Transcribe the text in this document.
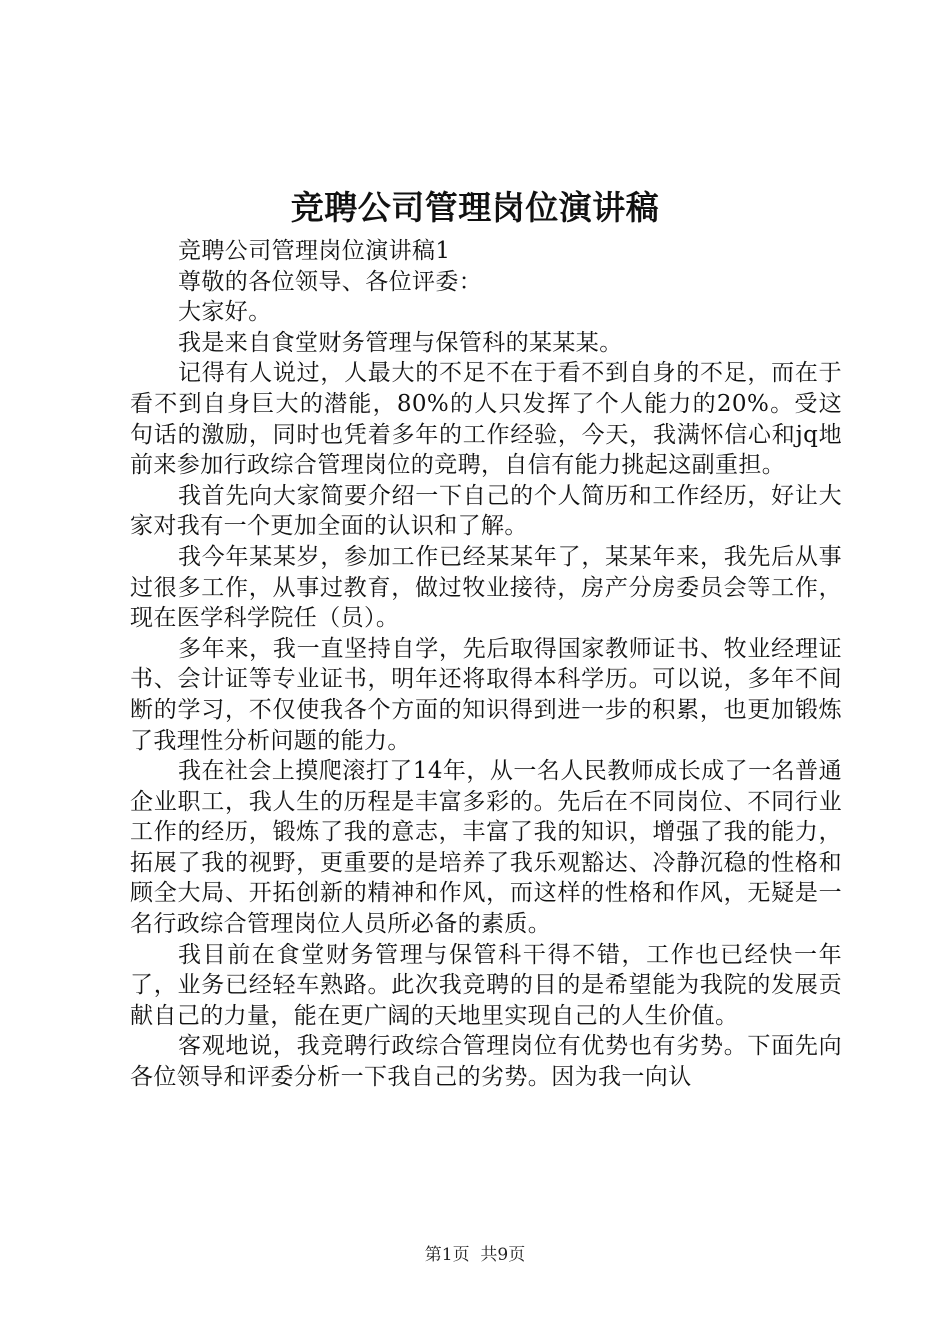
竞聘公司管理岗位演讲稿

竞聘公司管理岗位演讲稿1

尊敬的各位领导、各位评委：

大家好。

我是来自食堂财务管理与保管科的某某某。

记得有人说过，人最大的不足不在于看不到自身的不足，而在于看不到自身巨大的潜能，80%的人只发挥了个人能力的20%。受这句话的激励，同时也凭着多年的工作经验，今天，我满怀信心和jq地前来参加行政综合管理岗位的竞聘，自信有能力挑起这副重担。

我首先向大家简要介绍一下自己的个人简历和工作经历，好让大家对我有一个更加全面的认识和了解。

我今年某某岁，参加工作已经某某年了，某某年来，我先后从事过很多工作，从事过教育，做过牧业接待，房产分房委员会等工作，现在医学科学院任（员）。

多年来，我一直坚持自学，先后取得国家教师证书、牧业经理证书、会计证等专业证书，明年还将取得本科学历。可以说，多年不间断的学习，不仅使我各个方面的知识得到进一步的积累，也更加锻炼了我理性分析问题的能力。

我在社会上摸爬滚打了14年，从一名人民教师成长成了一名普通企业职工，我人生的历程是丰富多彩的。先后在不同岗位、不同行业工作的经历，锻炼了我的意志，丰富了我的知识，增强了我的能力，拓展了我的视野，更重要的是培养了我乐观豁达、冷静沉稳的性格和顾全大局、开拓创新的精神和作风，而这样的性格和作风，无疑是一名行政综合管理岗位人员所必备的素质。

我目前在食堂财务管理与保管科干得不错，工作也已经快一年了，业务已经轻车熟路。此次我竞聘的目的是希望能为我院的发展贡献自己的力量，能在更广阔的天地里实现自己的人生价值。

客观地说，我竞聘行政综合管理岗位有优势也有劣势。下面先向各位领导和评委分析一下我自己的劣势。因为我一向认

第1页  共9页
